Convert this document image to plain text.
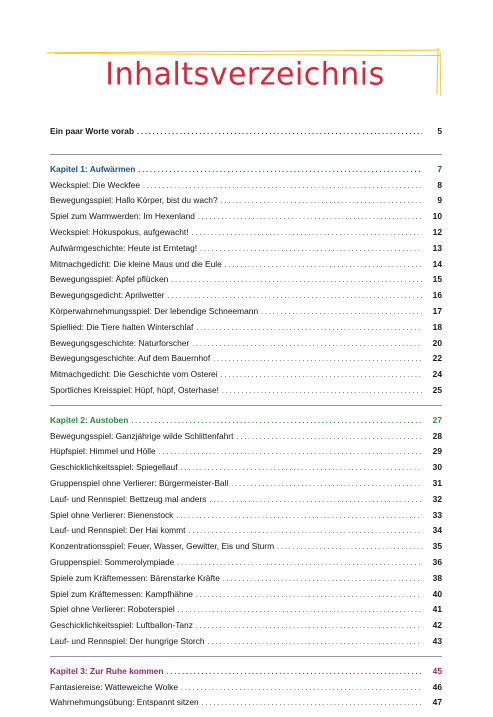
Inhaltsverzeichnis
Ein paar Worte vorab . . .	5
Kapitel 1: Aufwärmen . . .	7
Weckspiel: Die Weckfee . . .	8
Bewegungsspiel: Hallo Körper, bist du wach? . . .	9
Spiel zum Warmwerden: Im Hexenland . . .	10
Weckspiel: Hokuspokus, aufgewacht! . . .	12
Aufwärmgeschichte: Heute ist Erntetag! . . .	13
Mitmachgedicht: Die kleine Maus und die Eule . . .	14
Bewegungsspiel: Äpfel pflücken . . .	15
Bewegungsgedicht: Aprilwetter . . .	16
Körperwahrnehmungsspiel: Der lebendige Schneemann . . .	17
Spiellied: Die Tiere halten Winterschlaf . . .	18
Bewegungsgeschichte: Naturforscher . . .	20
Bewegungsgeschichte: Auf dem Bauernhof . . .	22
Mitmachgedicht: Die Geschichte vom Osterei . . .	24
Sportliches Kreisspiel: Hüpf, hüpf, Osterhase! . . .	25
Kapitel 2: Austoben . . .	27
Bewegungsspiel: Ganzjährige wilde Schlittenfahrt . . .	28
Hüpfspiel: Himmel und Hölle . . .	29
Geschicklichkeitsspiel: Spiegellauf . . .	30
Gruppenspiel ohne Verlierer: Bürgermeister-Ball . . .	31
Lauf- und Rennspiel: Bettzeug mal anders . . .	32
Spiel ohne Verlierer: Bienenstock . . .	33
Lauf- und Rennspiel: Der Hai kommt . . .	34
Konzentrationsspiel: Feuer, Wasser, Gewitter, Eis und Sturm . . .	35
Gruppenspiel: Sommerolympiade . . .	36
Spiele zum Kräftemessen: Bärenstarke Kräfte . . .	38
Spiel zum Kräftemessen: Kampfhähne . . .	40
Spiel ohne Verlierer: Roboterspiel . . .	41
Geschicklichkeitsspiel: Luftballon-Tanz . . .	42
Lauf- und Rennspiel: Der hungrige Storch . . .	43
Kapitel 3: Zur Ruhe kommen . . .	45
Fantasiereise: Watteweiche Wolke . . .	46
Wahrnehmungsübung: Entspannt sitzen . . .	47
